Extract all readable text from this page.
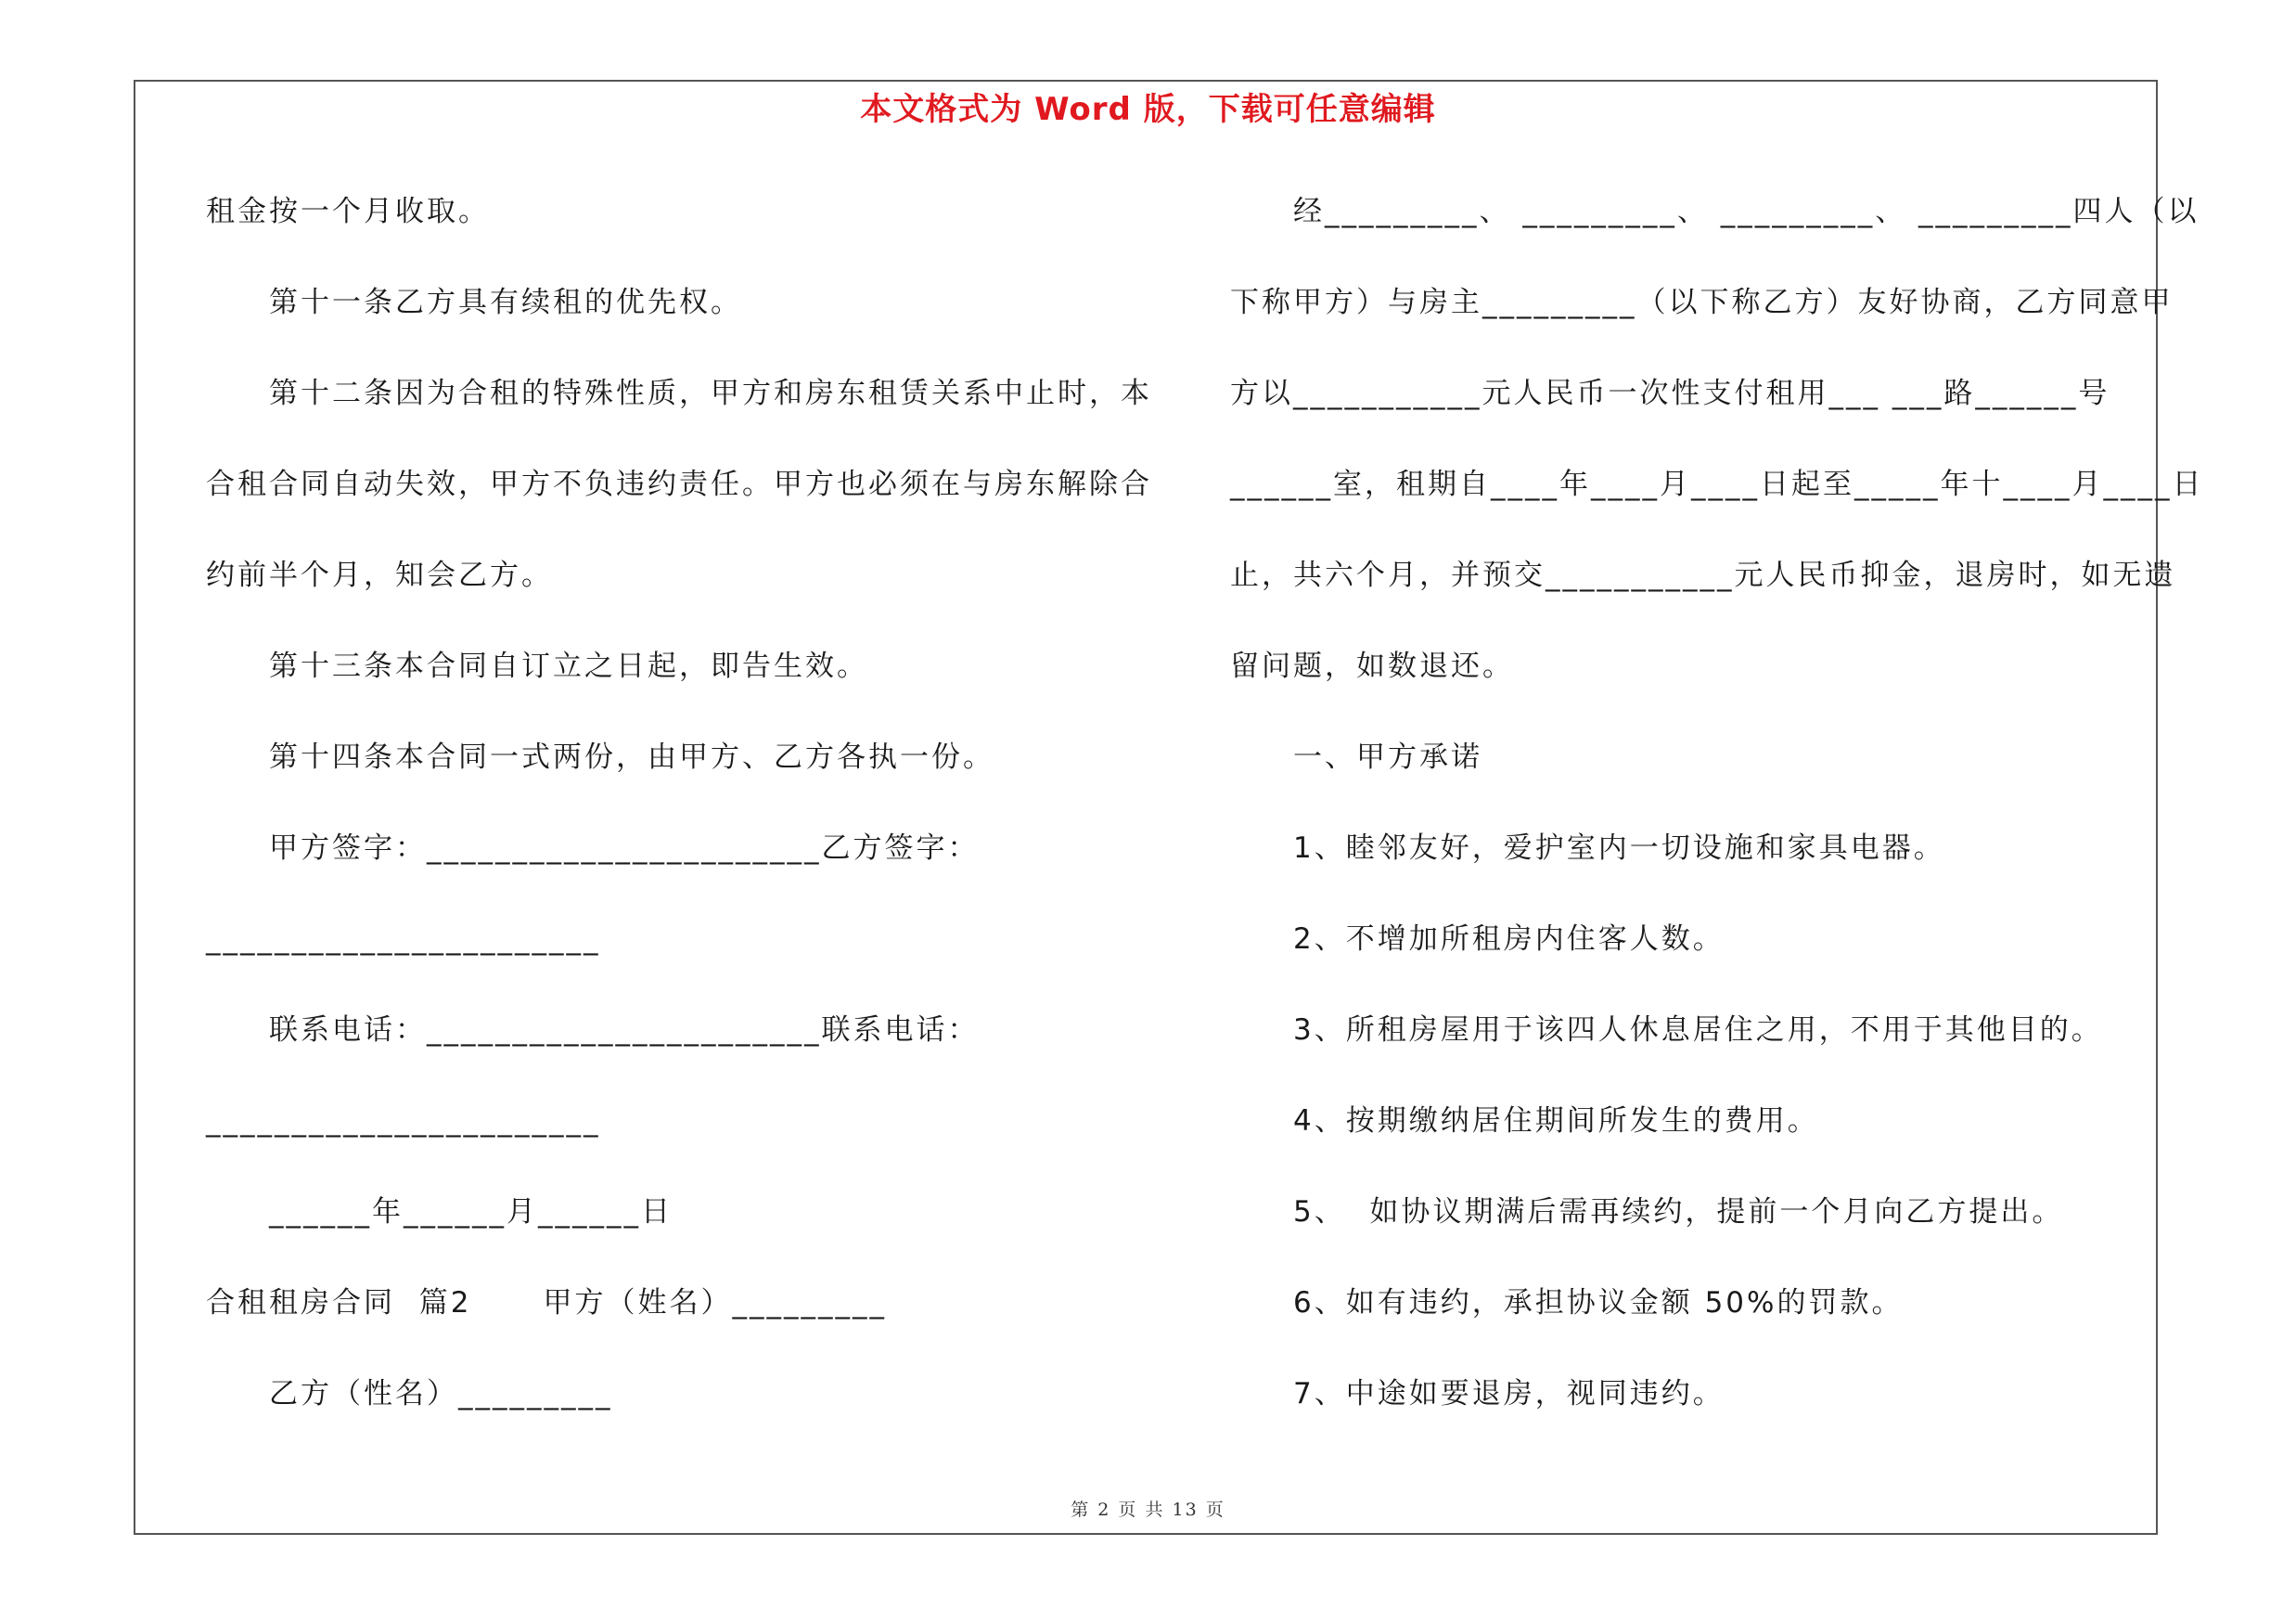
本文格式为 Word 版，下载可任意编辑
租金按一个月收取。
第十一条乙方具有续租的优先权。
第十二条因为合租的特殊性质，甲方和房东租赁关系中止时，本
合租合同自动失效，甲方不负违约责任。甲方也必须在与房东解除合
约前半个月，知会乙方。
第十三条本合同自订立之日起，即告生效。
第十四条本合同一式两份，由甲方、乙方各执一份。
甲方签字：_______________________乙方签字：
_______________________
联系电话：_______________________联系电话：
_______________________
______年______月______日
合租租房合同  篇2      甲方（姓名）_________
乙方（性名）_________
经_________、 _________、 _________、 _________四人（以
下称甲方）与房主_________（以下称乙方）友好协商，乙方同意甲
方以___________元人民币一次性支付租用___ ___路______号
______室，租期自____年____月____日起至_____年十____月____日
止，共六个月，并预交___________元人民币抑金，退房时，如无遗
留问题，如数退还。
一、甲方承诺
1、睦邻友好，爱护室内一切设施和家具电器。
2、不增加所租房内住客人数。
3、所租房屋用于该四人休息居住之用，不用于其他目的。
4、按期缴纳居住期间所发生的费用。
5、  如协议期满后需再续约，提前一个月向乙方提出。
6、如有违约，承担协议金额 50%的罚款。
7、中途如要退房，视同违约。
第 2 页 共 13 页
